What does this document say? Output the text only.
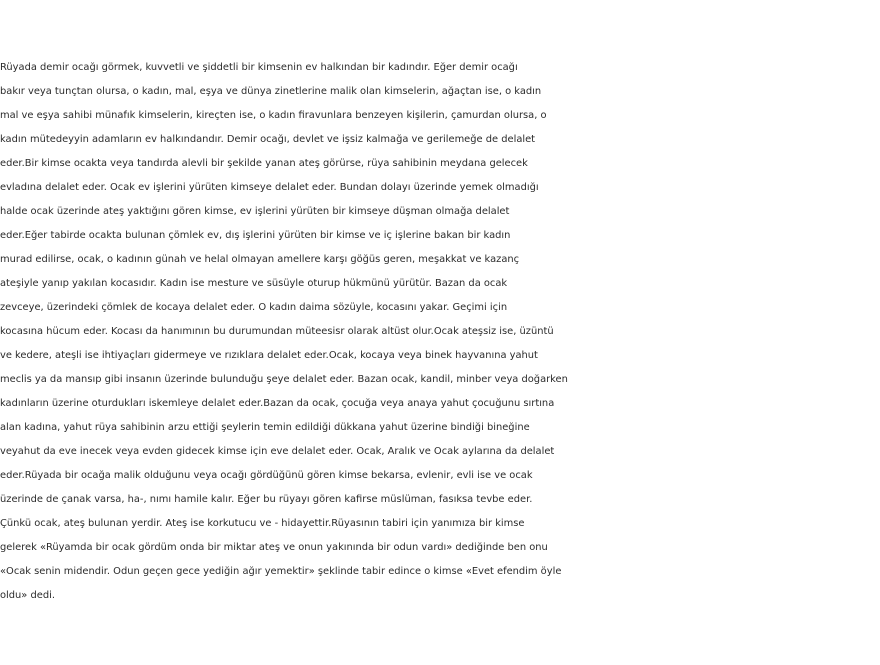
Rüyada demir ocağı görmek, kuvvetli ve şiddetli bir kimsenin ev halkından bir kadındır. Eğer demir ocağı
bakır veya tunçtan olursa, o kadın, mal, eşya ve dünya zinetlerine malik olan kimselerin, ağaçtan ise, o kadın
mal ve eşya sahibi münafık kimselerin, kireçten ise, o kadın firavunlara benzeyen kişilerin, çamurdan olursa, o
kadın mütedeyyin adamların ev halkındandır. Demir ocağı, devlet ve işsiz kalmağa ve gerilemeğe de delalet
eder.Bir kimse ocakta veya tandırda alevli bir şekilde yanan ateş görürse, rüya sahibinin meydana gelecek
evladına delalet eder. Ocak ev işlerini yürüten kimseye delalet eder. Bundan dolayı üzerinde yemek olmadığı
halde ocak üzerinde ateş yaktığını gören kimse, ev işlerini yürüten bir kimseye düşman olmağa delalet
eder.Eğer tabirde ocakta bulunan çömlek ev, dış işlerini yürüten bir kimse ve iç işlerine bakan bir kadın
murad edilirse, ocak, o kadının günah ve helal olmayan amellere karşı göğüs geren, meşakkat ve kazanç
ateşiyle yanıp yakılan kocasıdır. Kadın ise mesture ve süsüyle oturup hükmünü yürütür. Bazan da ocak
zevceye, üzerindeki çömlek de kocaya delalet eder. O kadın daima sözüyle, kocasını yakar. Geçimi için
kocasına hücum eder. Kocası da hanımının bu durumundan müteesisr olarak altüst olur.Ocak ateşsiz ise, üzüntü
ve kedere, ateşli ise ihtiyaçları gidermeye ve rızıklara delalet eder.Ocak, kocaya veya binek hayvanına yahut
meclis ya da mansıp gibi insanın üzerinde bulunduğu şeye delalet eder. Bazan ocak, kandil, minber veya doğarken
kadınların üzerine oturdukları iskemleye delalet eder.Bazan da ocak, çocuğa veya anaya yahut çocuğunu sırtına
alan kadına, yahut rüya sahibinin arzu ettiği şeylerin temin edildiği dükkana yahut üzerine bindiği bineğine
veyahut da eve inecek veya evden gidecek kimse için eve delalet eder. Ocak, Aralık ve Ocak aylarına da delalet
eder.Rüyada bir ocağa malik olduğunu veya ocağı gördüğünü gören kimse bekarsa, evlenir, evli ise ve ocak
üzerinde de çanak varsa, ha-, nımı hamile kalır. Eğer bu rüyayı gören kafirse müslüman, fasıksa tevbe eder.
Çünkü ocak, ateş bulunan yerdir. Ateş ise korkutucu ve - hidayettir.Rüyasının tabiri için yanımıza bir kimse
gelerek «Rüyamda bir ocak gördüm onda bir miktar ateş ve onun yakınında bir odun vardı» dediğinde ben onu
«Ocak senin midendir. Odun geçen gece yediğin ağır yemektir» şeklinde tabir edince o kimse «Evet efendim öyle
oldu» dedi.
